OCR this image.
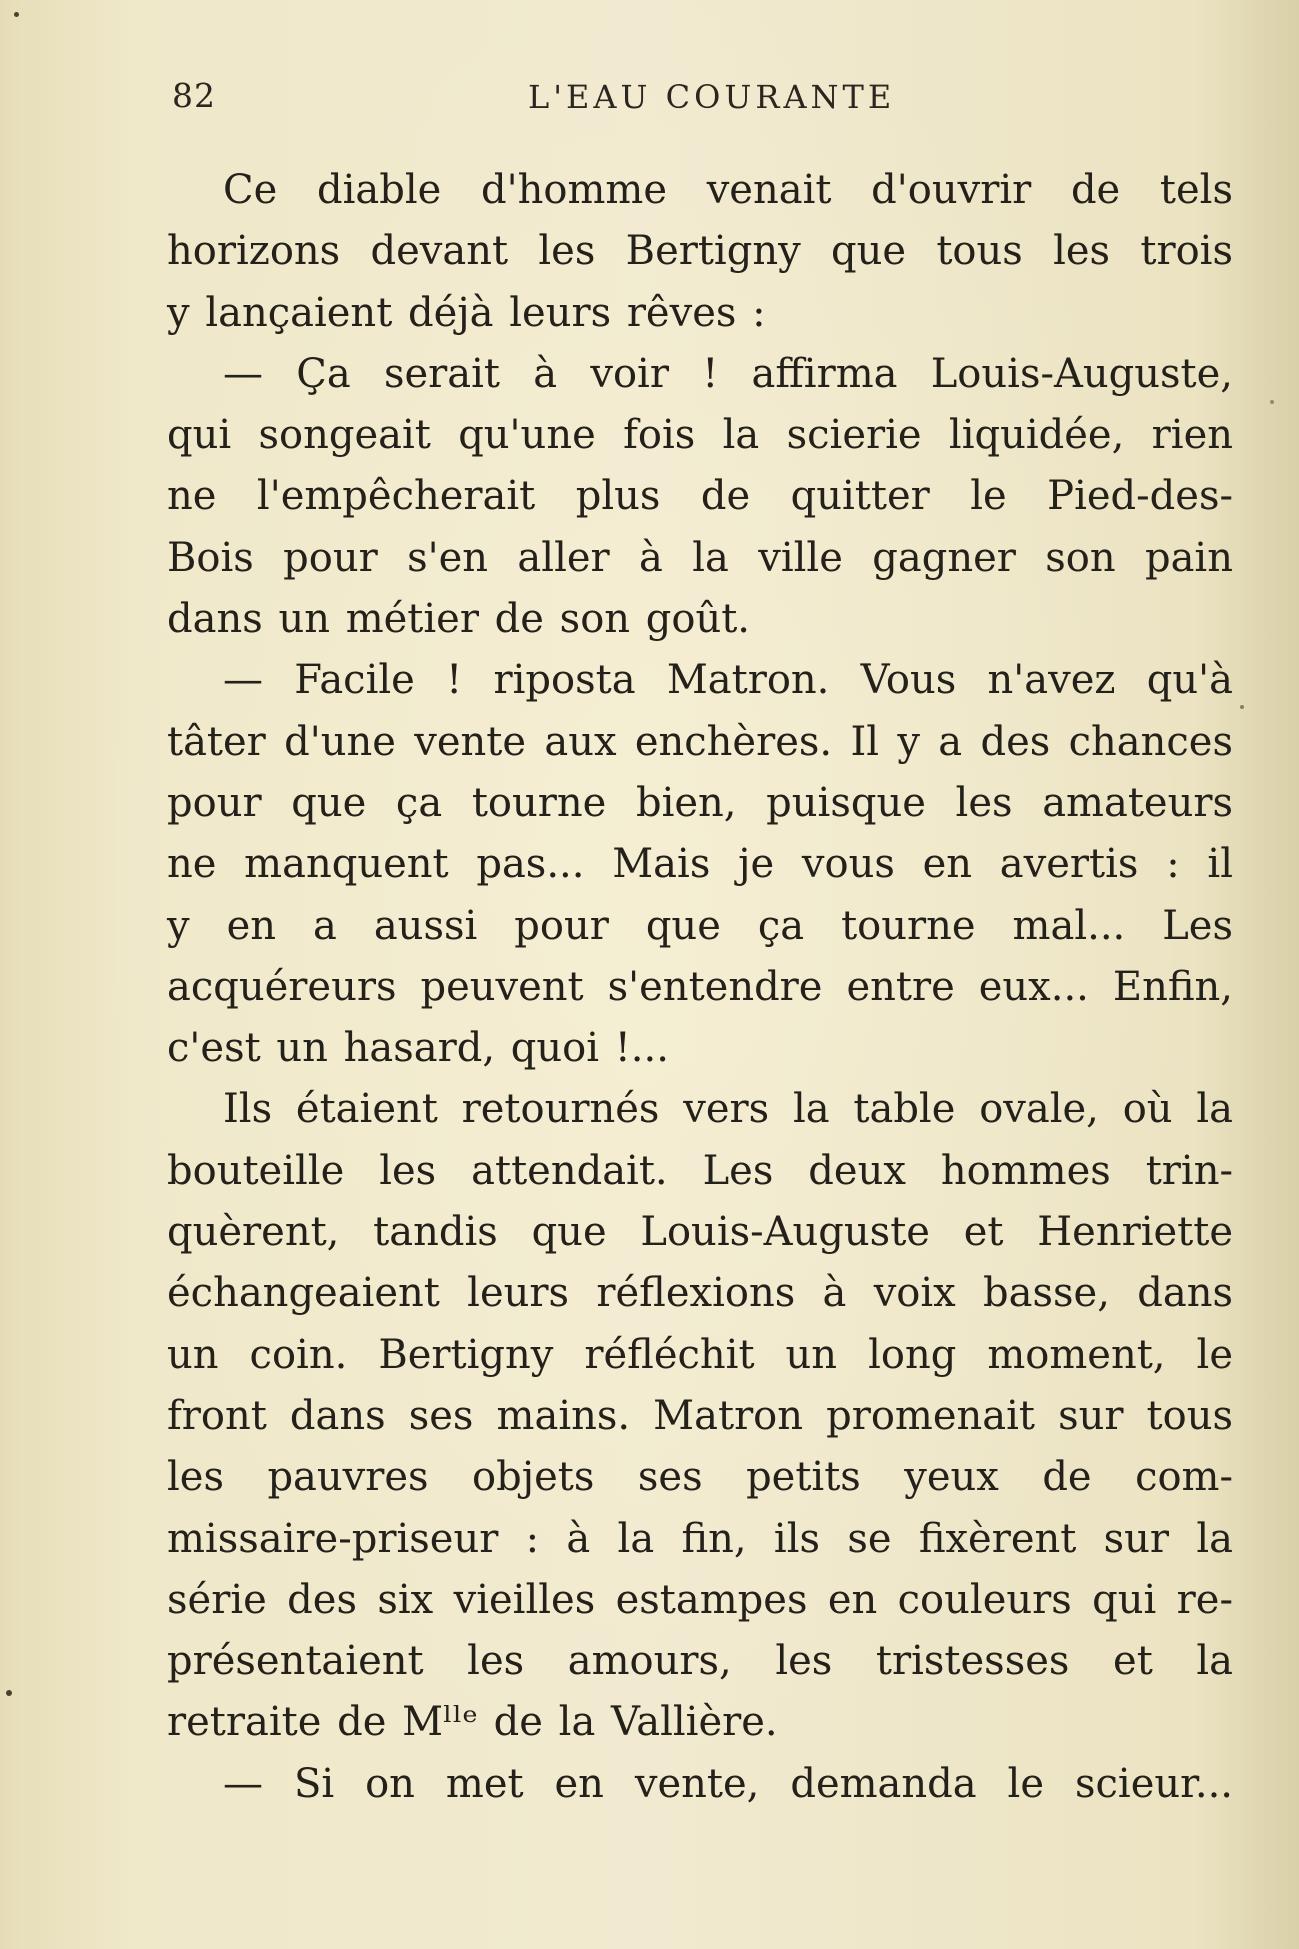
82	L'EAU COURANTE
Ce diable d'homme venait d'ouvrir de tels
horizons devant les Bertigny que tous les trois
y lançaient déjà leurs rêves :
— Ça serait à voir ! affirma Louis-Auguste,
qui songeait qu'une fois la scierie liquidée, rien
ne l'empêcherait plus de quitter le Pied-des-
Bois pour s'en aller à la ville gagner son pain
dans un métier de son goût.
— Facile ! riposta Matron. Vous n'avez qu'à
tâter d'une vente aux enchères. Il y a des chances
pour que ça tourne bien, puisque les amateurs
ne manquent pas... Mais je vous en avertis : il
y en a aussi pour que ça tourne mal... Les
acquéreurs peuvent s'entendre entre eux... Enfin,
c'est un hasard, quoi !...
Ils étaient retournés vers la table ovale, où la
bouteille les attendait. Les deux hommes trin-
quèrent, tandis que Louis-Auguste et Henriette
échangeaient leurs réflexions à voix basse, dans
un coin. Bertigny réfléchit un long moment, le
front dans ses mains. Matron promenait sur tous
les pauvres objets ses petits yeux de com-
missaire-priseur : à la fin, ils se fixèrent sur la
série des six vieilles estampes en couleurs qui re-
présentaient les amours, les tristesses et la
retraite de Mˡˡᵉ de la Vallière.
— Si on met en vente, demanda le scieur...
